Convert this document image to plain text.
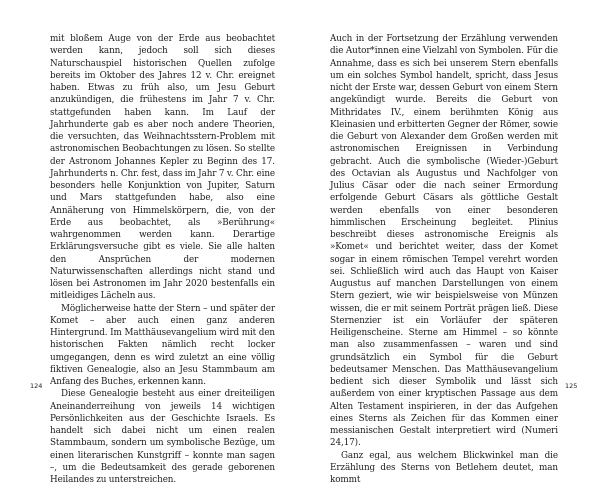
mit bloßem Auge von der Erde aus beobachtet werden kann, jedoch soll sich dieses Naturschauspiel historischen Quellen zufolge bereits im Oktober des Jahres 12 v. Chr. ereignet haben. Etwas zu früh also, um Jesu Geburt anzukündigen, die frühestens im Jahr 7 v. Chr. stattgefunden haben kann. Im Lauf der Jahrhunderte gab es aber noch andere Theorien, die versuchten, das Weihnachtsstern-Problem mit astronomischen Beobachtungen zu lösen. So stellte der Astronom Johannes Kepler zu Beginn des 17. Jahrhunderts n. Chr. fest, dass im Jahr 7 v. Chr. eine besonders helle Konjunktion von Jupiter, Saturn und Mars stattgefunden habe, also eine Annäherung von Himmelskörpern, die, von der Erde aus beobachtet, als »Berührung« wahrgenommen werden kann. Derartige Erklärungsversuche gibt es viele. Sie alle halten den Ansprüchen der modernen Naturwissenschaften allerdings nicht stand und lösen bei Astronomen im Jahr 2020 bestenfalls ein mitleidiges Lächeln aus.

Möglicherweise hatte der Stern – und später der Komet – aber auch einen ganz anderen Hintergrund. Im Matthäusevangelium wird mit den historischen Fakten nämlich recht locker umgegangen, denn es wird zuletzt an eine völlig fiktiven Genealogie, also an Jesu Stammbaum am Anfang des Buches, erkennen kann.

Diese Genealogie besteht aus einer dreiteiligen Aneinanderreihung von jeweils 14 wichtigen Persönlichkeiten aus der Geschichte Israels. Es handelt sich dabei nicht um einen realen Stammbaum, sondern um symbolische Bezüge, um einen literarischen Kunstgriff – konnte man sagen –, um die Bedeutsamkeit des gerade geborenen Heilandes zu unterstreichen.

Auch in der Fortsetzung der Erzählung verwenden die Autor*innen eine Vielzahl von Symbolen. Für die Annahme, dass es sich bei unserem Stern ebenfalls um ein solches Symbol handelt, spricht, dass Jesus nicht der Erste war, dessen Geburt von einem Stern angekündigt wurde. Bereits die Geburt von Mithridates IV., einem berühmten König aus Kleinasien und erbitterten Gegner der Römer, sowie die Geburt von Alexander dem Großen werden mit astronomischen Ereignissen in Verbindung gebracht. Auch die symbolische (Wieder-)Geburt des Octavian als Augustus und Nachfolger von Julius Cäsar oder die nach seiner Ermordung erfolgende Geburt Cäsars als göttliche Gestalt werden ebenfalls von einer besonderen himmlischen Erscheinung begleitet. Plinius beschreibt dieses astronomische Ereignis als »Komet« und berichtet weiter, dass der Komet sogar in einem römischen Tempel verehrt worden sei. Schließlich wird auch das Haupt von Kaiser Augustus auf manchen Darstellungen von einem Stern geziert, wie wir beispielsweise von Münzen wissen, die er mit seinem Porträt prägen ließ. Diese Sternenzier ist ein Vorläufer der späteren Heiligenscheine. Sterne am Himmel – so könnte man also zusammenfassen – waren und sind grundsätzlich ein Symbol für die Geburt bedeutsamer Menschen. Das Matthäusevangelium bedient sich dieser Symbolik und lässt sich außerdem von einer kryptischen Passage aus dem Alten Testament inspirieren, in der das Aufgehen eines Sterns als Zeichen für das Kommen einer messianischen Gestalt interpretiert wird (Numeri 24,17).

Ganz egal, aus welchem Blickwinkel man die Erzählung des Sterns von Betlehem deutet, man kommt

124	125
